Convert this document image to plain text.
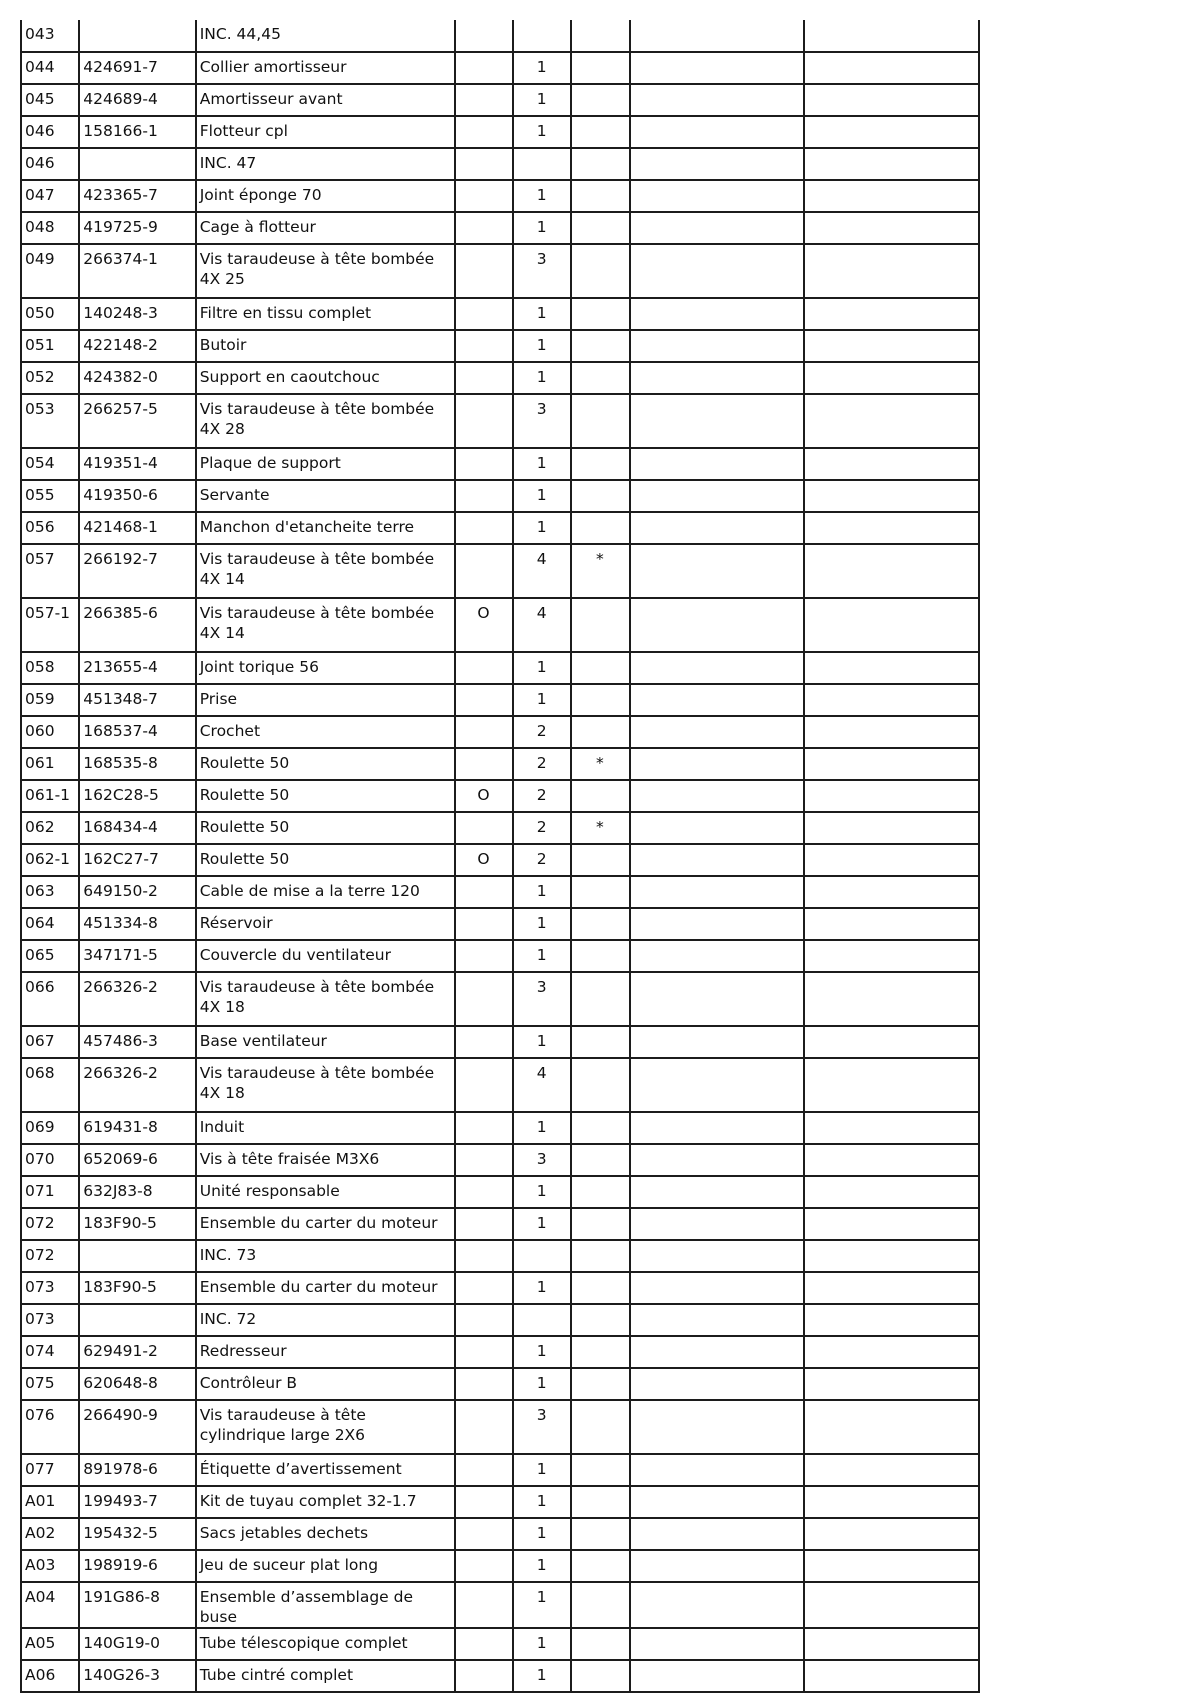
043		INC. 44,45					
044	424691-7	Collier amortisseur		1			
045	424689-4	Amortisseur avant		1			
046	158166-1	Flotteur cpl		1			
046		INC. 47					
047	423365-7	Joint éponge 70		1			
048	419725-9	Cage à flotteur		1			
049	266374-1	Vis taraudeuse à tête bombée 4X 25		3			
050	140248-3	Filtre en tissu complet		1			
051	422148-2	Butoir		1			
052	424382-0	Support en caoutchouc		1			
053	266257-5	Vis taraudeuse à tête bombée 4X 28		3			
054	419351-4	Plaque de support		1			
055	419350-6	Servante		1			
056	421468-1	Manchon d'etancheite terre		1			
057	266192-7	Vis taraudeuse à tête bombée 4X 14		4	*		
057-1	266385-6	Vis taraudeuse à tête bombée 4X 14	O	4			
058	213655-4	Joint torique 56		1			
059	451348-7	Prise		1			
060	168537-4	Crochet		2			
061	168535-8	Roulette 50		2	*		
061-1	162C28-5	Roulette 50	O	2			
062	168434-4	Roulette 50		2	*		
062-1	162C27-7	Roulette 50	O	2			
063	649150-2	Cable de mise a la terre 120		1			
064	451334-8	Réservoir		1			
065	347171-5	Couvercle du ventilateur		1			
066	266326-2	Vis taraudeuse à tête bombée 4X 18		3			
067	457486-3	Base ventilateur		1			
068	266326-2	Vis taraudeuse à tête bombée 4X 18		4			
069	619431-8	Induit		1			
070	652069-6	Vis à tête fraisée M3X6		3			
071	632J83-8	Unité responsable		1			
072	183F90-5	Ensemble du carter du moteur		1			
072		INC. 73					
073	183F90-5	Ensemble du carter du moteur		1			
073		INC. 72					
074	629491-2	Redresseur		1			
075	620648-8	Contrôleur B		1			
076	266490-9	Vis taraudeuse à tête cylindrique large 2X6		3			
077	891978-6	Étiquette d’avertissement		1			
A01	199493-7	Kit de tuyau complet 32-1.7		1			
A02	195432-5	Sacs jetables dechets		1			
A03	198919-6	Jeu de suceur plat long		1			
A04	191G86-8	Ensemble d’assemblage de buse		1			
A05	140G19-0	Tube télescopique complet		1			
A06	140G26-3	Tube cintré complet		1			
